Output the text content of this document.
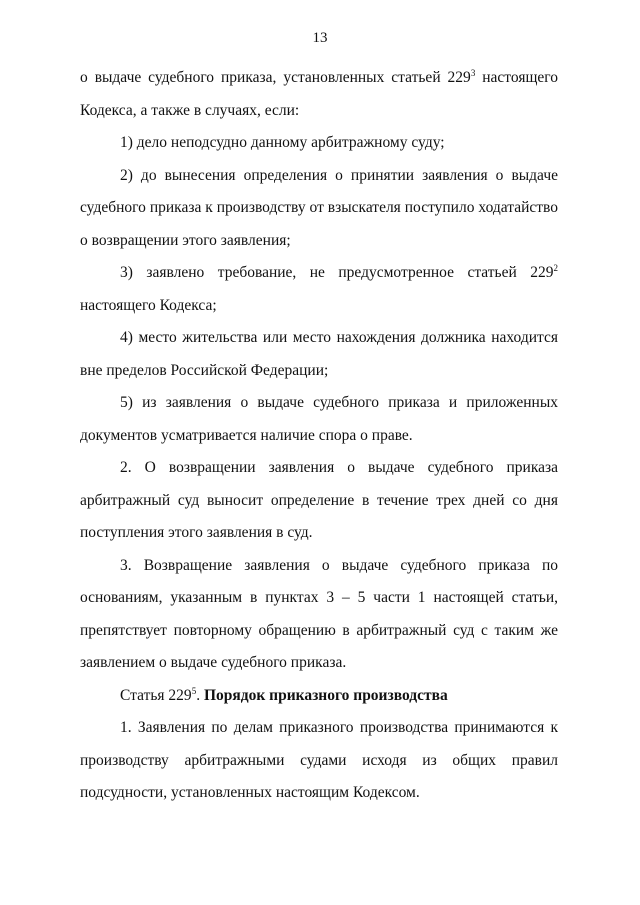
13

о выдаче судебного приказа, установленных статьей $229^3$ настоящего Кодекса, а также в случаях, если:

1) дело неподсудно данному арбитражному суду;

2) до вынесения определения о принятии заявления о выдаче судебного приказа к производству от взыскателя поступило ходатайство о возвращении этого заявления;

3) заявлено требование, не предусмотренное статьей $229^2$ настоящего Кодекса;

4) место жительства или место нахождения должника находится вне пределов Российской Федерации;

5) из заявления о выдаче судебного приказа и приложенных документов усматривается наличие спора о праве.

2. О возвращении заявления о выдаче судебного приказа арбитражный суд выносит определение в течение трех дней со дня поступления этого заявления в суд.

3. Возвращение заявления о выдаче судебного приказа по основаниям, указанным в пунктах 3 – 5 части 1 настоящей статьи, препятствует повторному обращению в арбитражный суд с таким же заявлением о выдаче судебного приказа.

Статья $229^5$. Порядок приказного производства

1. Заявления по делам приказного производства принимаются к производству арбитражными судами исходя из общих правил подсудности, установленных настоящим Кодексом.
